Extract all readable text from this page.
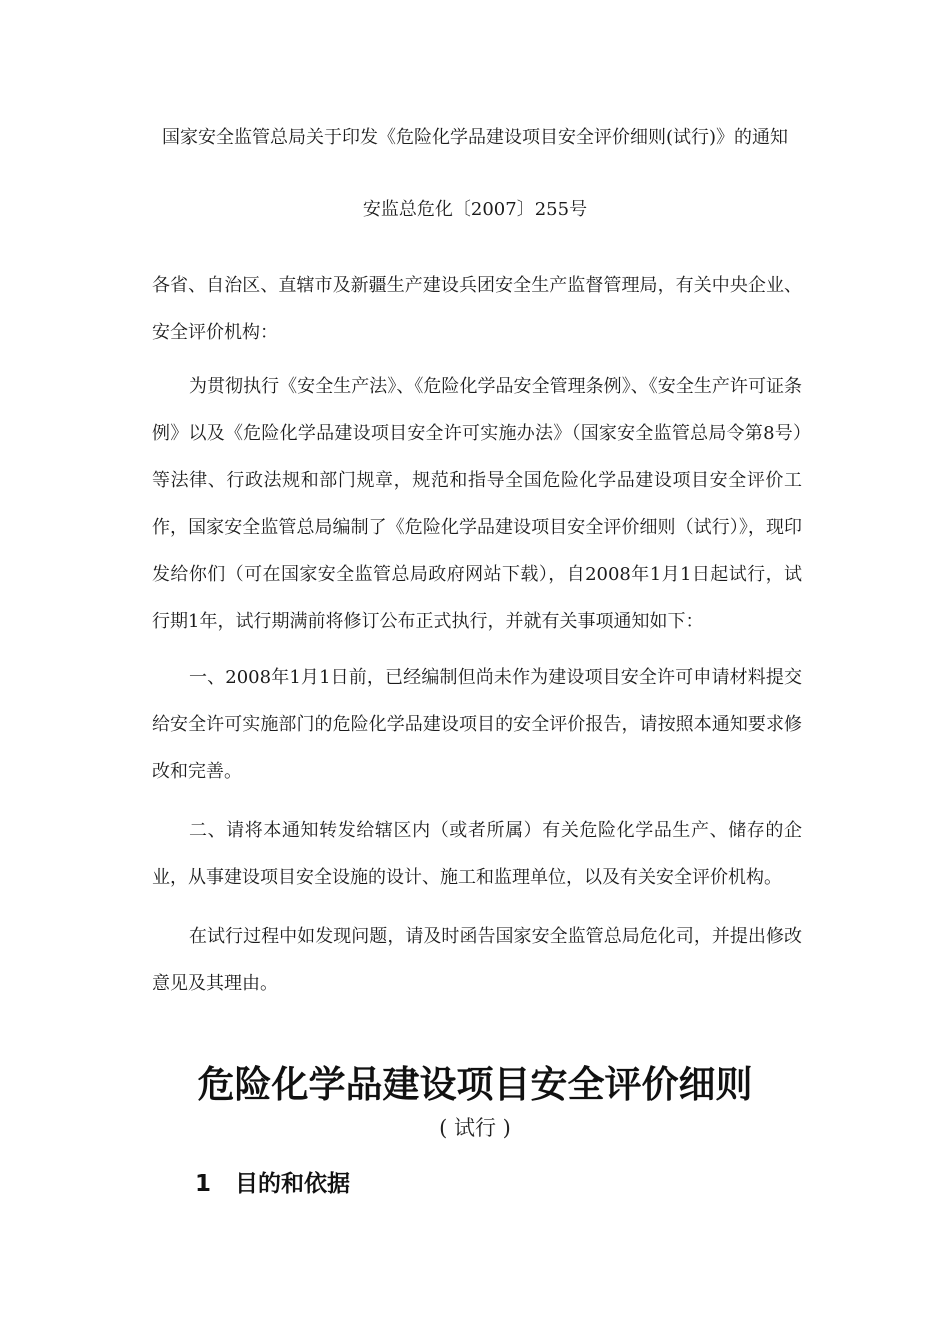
国家安全监管总局关于印发《危险化学品建设项目安全评价细则(试行)》的通知
安监总危化〔2007〕255号

各省、自治区、直辖市及新疆生产建设兵团安全生产监督管理局，有关中央企业、安全评价机构：

为贯彻执行《安全生产法》、《危险化学品安全管理条例》、《安全生产许可证条例》以及《危险化学品建设项目安全许可实施办法》（国家安全监管总局令第8号）等法律、行政法规和部门规章，规范和指导全国危险化学品建设项目安全评价工作，国家安全监管总局编制了《危险化学品建设项目安全评价细则（试行）》，现印发给你们（可在国家安全监管总局政府网站下载），自2008年1月1日起试行，试行期1年，试行期满前将修订公布正式执行，并就有关事项通知如下：

一、2008年1月1日前，已经编制但尚未作为建设项目安全许可申请材料提交给安全许可实施部门的危险化学品建设项目的安全评价报告，请按照本通知要求修改和完善。

二、请将本通知转发给辖区内（或者所属）有关危险化学品生产、储存的企业，从事建设项目安全设施的设计、施工和监理单位，以及有关安全评价机构。

在试行过程中如发现问题，请及时函告国家安全监管总局危化司，并提出修改意见及其理由。

危险化学品建设项目安全评价细则
( 试行 )
1 目的和依据
